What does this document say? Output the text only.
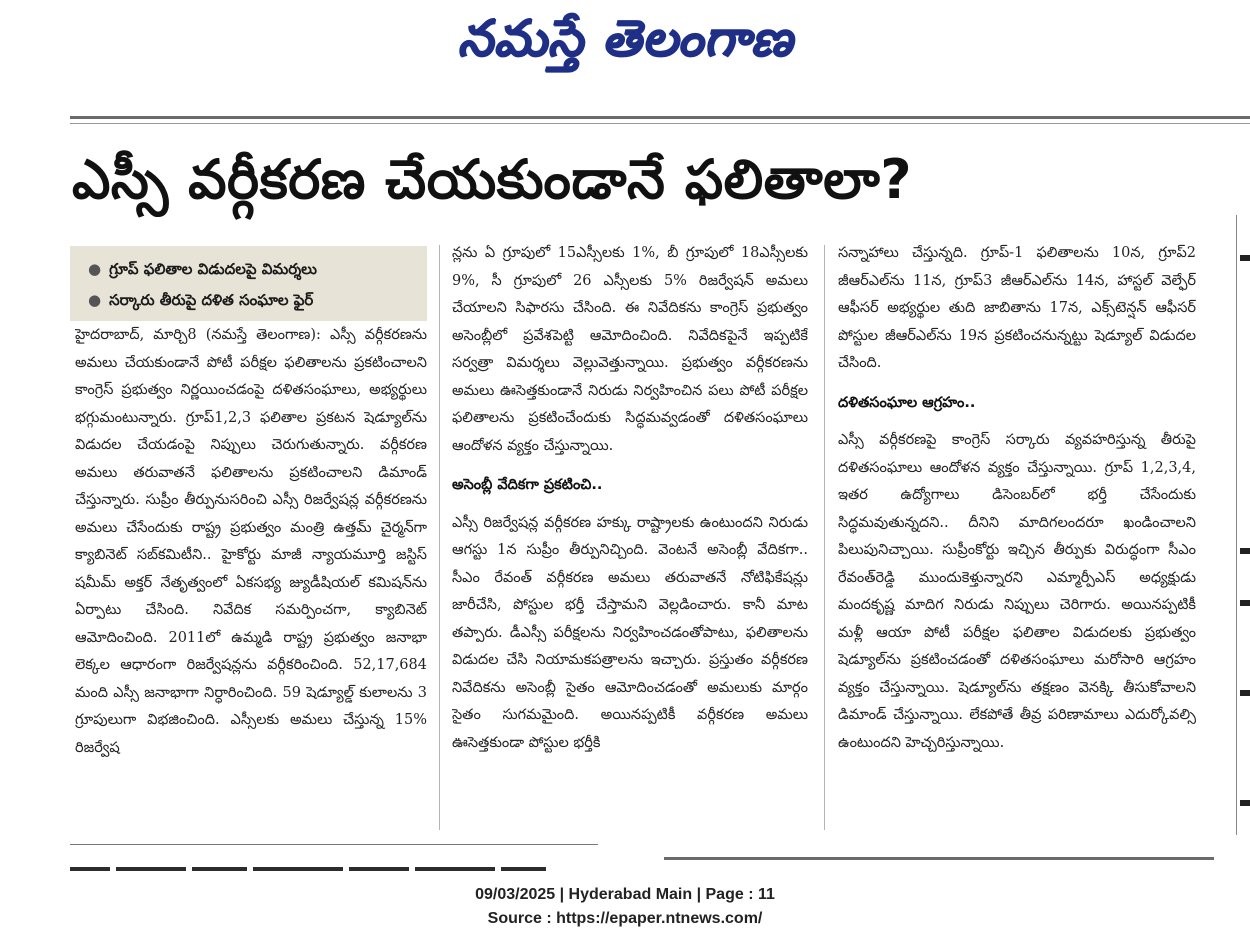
నమస్తే తెలంగాణ
ఎస్సీ వర్గీకరణ చేయకుండానే ఫలితాలా?
● గ్రూప్ ఫలితాల విడుదలపై విమర్శలు
● సర్కారు తీరుపై దళిత సంఘాల ఫైర్

హైదరాబాద్, మార్చి8 (నమస్తే తెలంగాణ): ఎస్సీ వర్గీకరణను అమలు చేయకుండానే పోటీ పరీక్షల ఫలితాలను ప్రకటించాలని కాంగ్రెస్ ప్రభుత్వం నిర్ణయించడంపై దళితసంఘాలు, అభ్యర్థులు భగ్గుమంటున్నారు. గ్రూప్1,2,3 ఫలితాల ప్రకటన షెడ్యూల్‌ను విడుదల చేయడంపై నిప్పులు చెరుగుతున్నారు. వర్గీకరణ అమలు తరువాతనే ఫలితాలను ప్రకటించాలని డిమాండ్ చేస్తున్నారు. సుప్రీం తీర్పునుసరించి ఎస్సీ రిజర్వేషన్ల వర్గీకరణను అమలు చేసేందుకు రాష్ట్ర ప్రభుత్వం మంత్రి ఉత్తమ్ చైర్మన్‌గా క్యాబినెట్ సబ్‌కమిటీని.. హైకోర్టు మాజీ న్యాయమూర్తి జస్టిస్ షమీమ్ అక్తర్ నేతృత్వంలో ఏకసభ్య జ్యుడీషియల్ కమిషన్‌ను ఏర్పాటు చేసింది. నివేదిక సమర్పించగా, క్యాబినెట్ ఆమోదించింది. 2011లో ఉమ్మడి రాష్ట్ర ప్రభుత్వం జనాభా లెక్కల ఆధారంగా రిజర్వేషన్లను వర్గీకరించింది. 52,17,684 మంది ఎస్సీ జనాభాగా నిర్ధారించింది. 59 షెడ్యూల్డ్ కులాలను 3 గ్రూపులుగా విభజించింది. ఎస్సీలకు అమలు చేస్తున్న 15% రిజర్వేష

న్లను ఏ గ్రూపులో 15ఎస్సీలకు 1%, బీ గ్రూపులో 18ఎస్సీలకు 9%, సీ గ్రూపులో 26 ఎస్సీలకు 5% రిజర్వేషన్ అమలు చేయాలని సిఫారసు చేసింది. ఈ నివేదికను కాంగ్రెస్ ప్రభుత్వం అసెంబ్లీలో ప్రవేశపెట్టి ఆమోదించింది. నివేదికపైనే ఇప్పటికే సర్వత్రా విమర్శలు వెల్లువెత్తున్నాయి. ప్రభుత్వం వర్గీకరణను అమలు ఊసెత్తకుండానే నిరుడు నిర్వహించిన పలు పోటీ పరీక్షల ఫలితాలను ప్రకటించేందుకు సిద్ధమవ్వడంతో దళితసంఘాలు ఆందోళన వ్యక్తం చేస్తున్నాయి.

అసెంబ్లీ వేదికగా ప్రకటించి..

ఎస్సీ రిజర్వేషన్ల వర్గీకరణ హక్కు రాష్ట్రాలకు ఉంటుందని నిరుడు ఆగస్టు 1న సుప్రీం తీర్పునిచ్చింది. వెంటనే అసెంబ్లీ వేదికగా.. సీఎం రేవంత్ వర్గీకరణ అమలు తరువాతనే నోటిఫికేషన్లు జారీచేసి, పోస్టుల భర్తీ చేస్తామని వెల్లడించారు. కానీ మాట తప్పారు. డీఎస్సీ పరీక్షలను నిర్వహించడంతోపాటు, ఫలితాలను విడుదల చేసి నియామకపత్రాలను ఇచ్చారు. ప్రస్తుతం వర్గీకరణ నివేదికను అసెంబ్లీ సైతం ఆమోదించడంతో అమలుకు మార్గం సైతం సుగమమైంది. అయినప్పటికీ వర్గీకరణ అమలు ఊసెత్తకుండా పోస్టుల భర్తీకి

సన్నాహాలు చేస్తున్నది. గ్రూప్-1 ఫలితాలను 10న, గ్రూప్2 జీఆర్ఎల్‌ను 11న, గ్రూప్3 జీఆర్ఎల్‌ను 14న, హాస్టల్ వెల్ఫేర్ ఆఫీసర్ అభ్యర్థుల తుది జాబితాను 17న, ఎక్స్‌టెన్షన్ ఆఫీసర్ పోస్టుల జీఆర్ఎల్‌ను 19న ప్రకటించనున్నట్టు షెడ్యూల్ విడుదల చేసింది.

దళితసంఘాల ఆగ్రహం..

ఎస్సీ వర్గీకరణపై కాంగ్రెస్ సర్కారు వ్యవహరిస్తున్న తీరుపై దళితసంఘాలు ఆందోళన వ్యక్తం చేస్తున్నాయి. గ్రూప్ 1,2,3,4, ఇతర ఉద్యోగాలు డిసెంబర్‌లో భర్తీ చేసేందుకు సిద్ధమవుతున్నదని.. దీనిని మాదిగలందరూ ఖండించాలని పిలుపునిచ్చాయి. సుప్రీంకోర్టు ఇచ్చిన తీర్పుకు విరుద్ధంగా సీఎం రేవంత్‌రెడ్డి ముందుకెళ్తున్నారని ఎమ్మార్పీఎస్ అధ్యక్షుడు మందకృష్ణ మాదిగ నిరుడు నిప్పులు చెరిగారు. అయినప్పటికీ మళ్లీ ఆయా పోటీ పరీక్షల ఫలితాల విడుదలకు ప్రభుత్వం షెడ్యూల్‌ను ప్రకటించడంతో దళితసంఘాలు మరోసారి ఆగ్రహం వ్యక్తం చేస్తున్నాయి. షెడ్యూల్‌ను తక్షణం వెనక్కి తీసుకోవాలని డిమాండ్ చేస్తున్నాయి. లేకపోతే తీవ్ర పరిణామాలు ఎదుర్కోవల్సి ఉంటుందని హెచ్చరిస్తున్నాయి.

09/03/2025 | Hyderabad Main | Page : 11
Source : https://epaper.ntnews.com/
